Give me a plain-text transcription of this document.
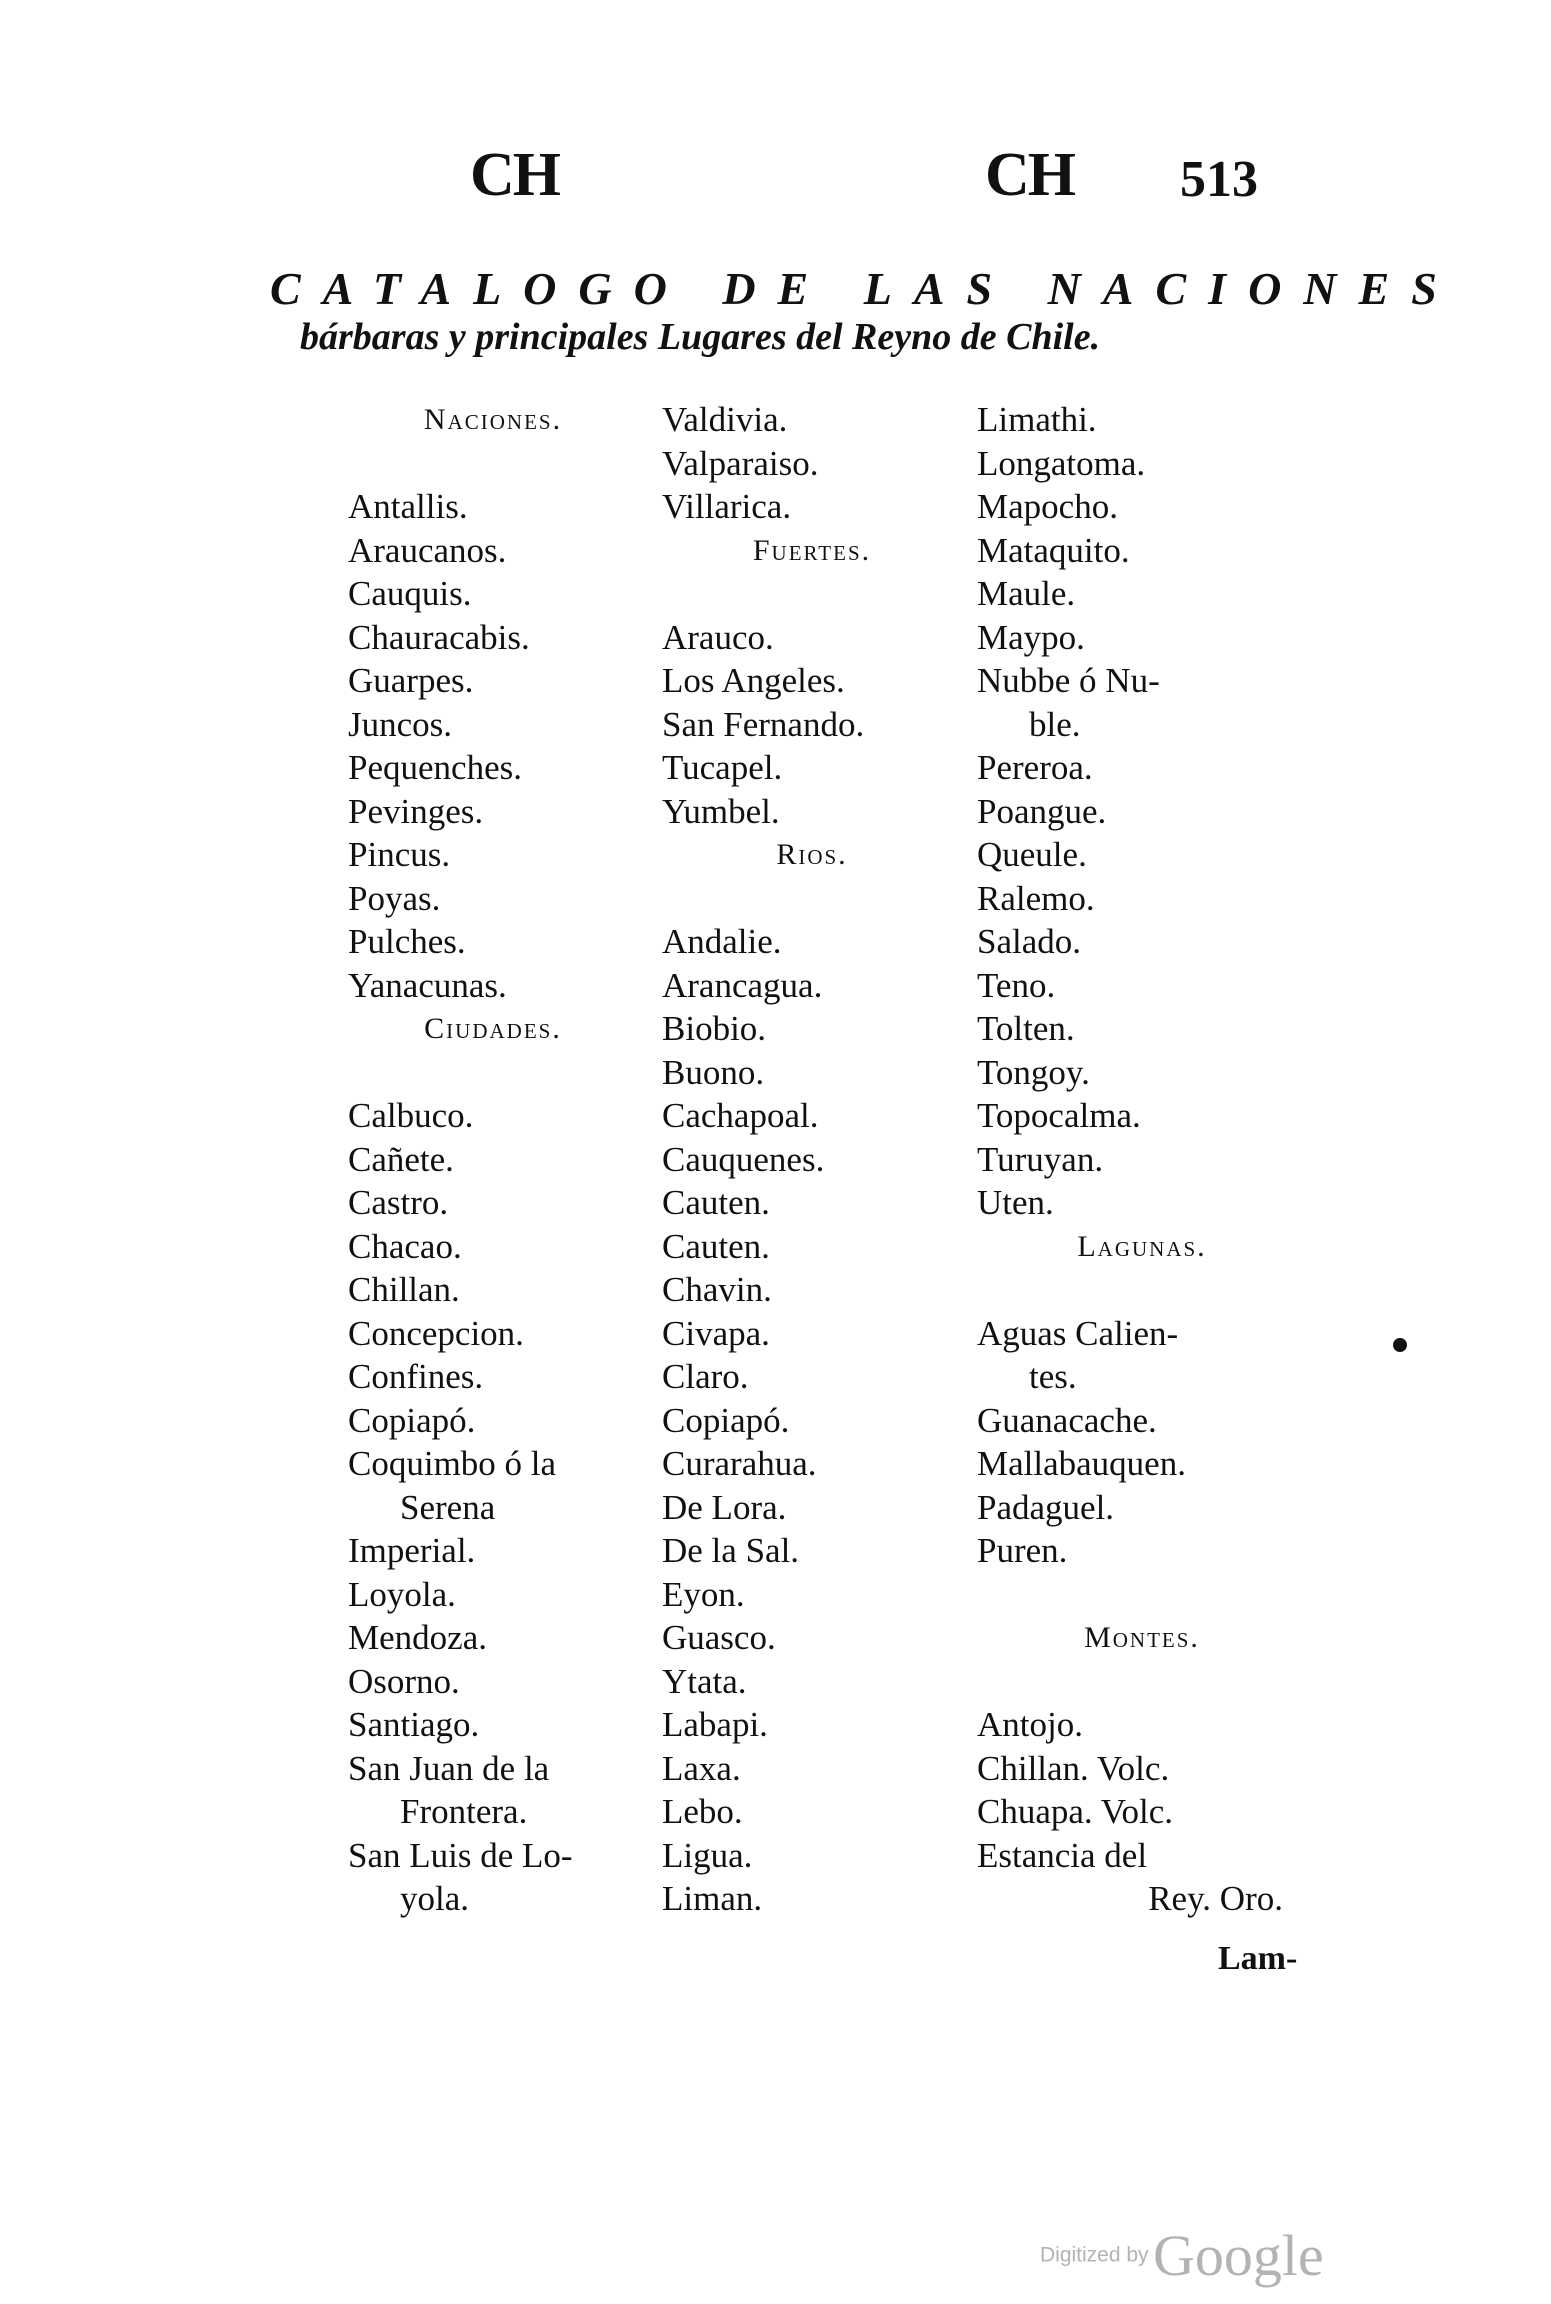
CH	CH 513
CATALOGO DE LAS NACIONES
bárbaras y principales Lugares del Reyno de Chile.
Naciones.
Antallis.
Araucanos.
Cauquis.
Chauracabis.
Guarpes.
Juncos.
Pequenches.
Pevinges.
Pincus.
Poyas.
Pulches.
Yanacunas.
Ciudades.
Calbuco.
Cañete.
Castro.
Chacao.
Chillan.
Concepcion.
Confines.
Copiapó.
Coquimbo ó la
Serena
Imperial.
Loyola.
Mendoza.
Osorno.
Santiago.
San Juan de la
Frontera.
San Luis de Lo-
yola.
Valdivia.
Valparaiso.
Villarica.
Fuertes.
Arauco.
Los Angeles.
San Fernando.
Tucapel.
Yumbel.
Rios.
Andalie.
Arancagua.
Biobio.
Buono.
Cachapoal.
Cauquenes.
Cauten.
Cauten.
Chavin.
Civapa.
Claro.
Copiapó.
Curarahua.
De Lora.
De la Sal.
Eyon.
Guasco.
Ytata.
Labapi.
Laxa.
Lebo.
Ligua.
Liman.
Limathi.
Longatoma.
Mapocho.
Mataquito.
Maule.
Maypo.
Nubbe ó Nu-
ble.
Pereroa.
Poangue.
Queule.
Ralemo.
Salado.
Teno.
Tolten.
Tongoy.
Topocalma.
Turuyan.
Uten.
Lagunas.
Aguas Calien-
tes.
Guanacache.
Mallabauquen.
Padaguel.
Puren.
Montes.
Antojo.
Chillan. Volc.
Chuapa. Volc.
Estancia del
Rey. Oro.
Lam-
Digitized by Google
